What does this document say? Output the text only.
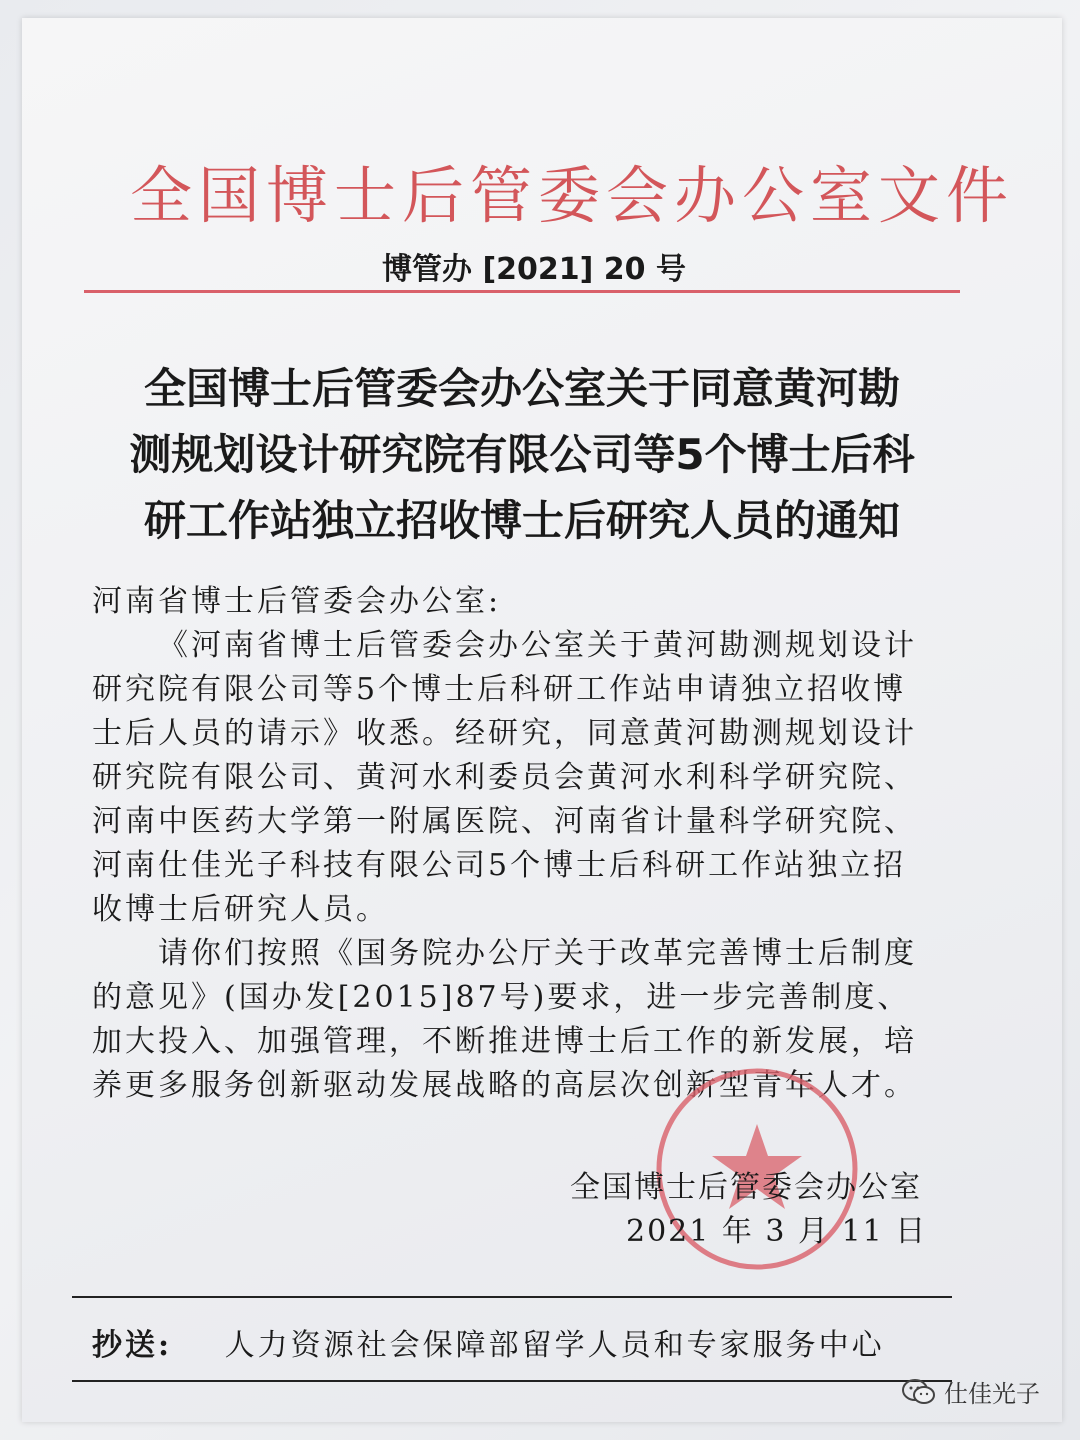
全国博士后管委会办公室文件
博管办 [2021] 20 号
全国博士后管委会办公室关于同意黄河勘
测规划设计研究院有限公司等5个博士后科
研工作站独立招收博士后研究人员的通知
河南省博士后管委会办公室:
《河南省博士后管委会办公室关于黄河勘测规划设计研究院有限公司等5个博士后科研工作站申请独立招收博士后人员的请示》收悉。经研究，同意黄河勘测规划设计研究院有限公司、黄河水利委员会黄河水利科学研究院、河南中医药大学第一附属医院、河南省计量科学研究院、河南仕佳光子科技有限公司5个博士后科研工作站独立招收博士后研究人员。
请你们按照《国务院办公厅关于改革完善博士后制度的意见》(国办发[2015]87号)要求，进一步完善制度、加大投入、加强管理，不断推进博士后工作的新发展，培养更多服务创新驱动发展战略的高层次创新型青年人才。
全国博士后管委会办公室
2021 年 3 月 11 日
抄送: 人力资源社会保障部留学人员和专家服务中心
仕佳光子
